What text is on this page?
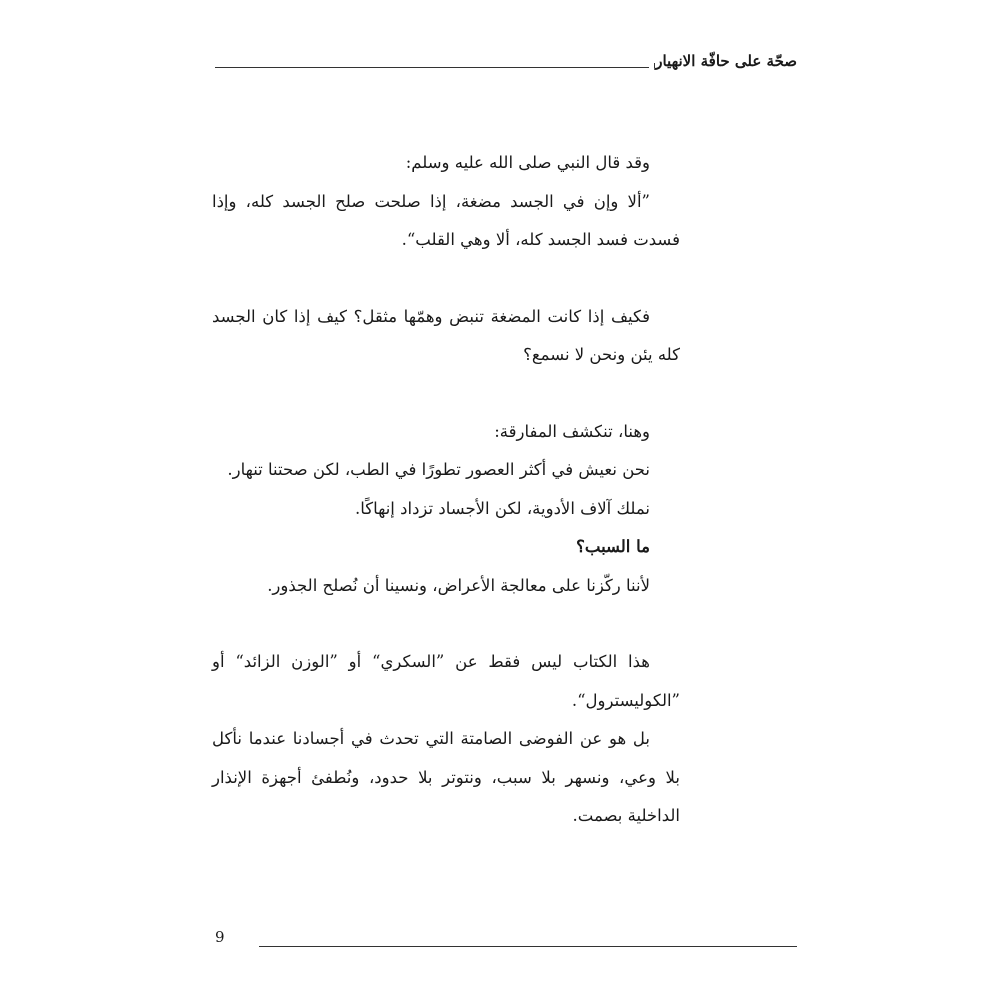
صحّة على حافّة الانهيار

وقد قال النبي صلى الله عليه وسلم:

”ألا وإن في الجسد مضغة، إذا صلحت صلح الجسد كله، وإذا فسدت فسد الجسد كله، ألا وهي القلب“.

فكيف إذا كانت المضغة تنبض وهمّها مثقل؟ كيف إذا كان الجسد كله يئن ونحن لا نسمع؟

وهنا، تنكشف المفارقة:

نحن نعيش في أكثر العصور تطورًا في الطب، لكن صحتنا تنهار.

نملك آلاف الأدوية، لكن الأجساد تزداد إنهاكًا.

ما السبب؟

لأننا ركّزنا على معالجة الأعراض، ونسينا أن نُصلح الجذور.

هذا الكتاب ليس فقط عن ”السكري“ أو ”الوزن الزائد“ أو ”الكوليسترول“.

بل هو عن الفوضى الصامتة التي تحدث في أجسادنا عندما نأكل بلا وعي، ونسهر بلا سبب، ونتوتر بلا حدود، ونُطفئ أجهزة الإنذار الداخلية بصمت.

9
